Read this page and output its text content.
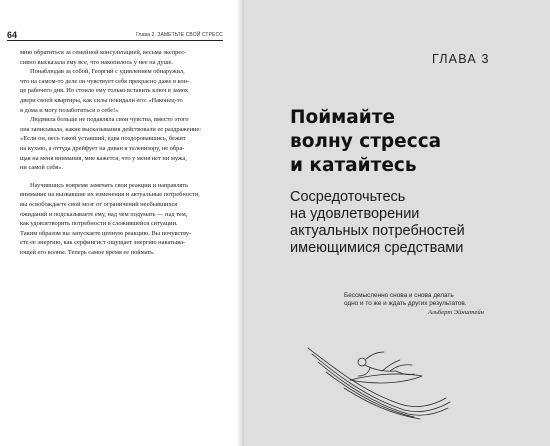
64	Глава 2. ЗАМЕТЬТЕ СВОЙ СТРЕСС

мню обратиться за семейной консультацией, весьма экспрес-

сивно высказала ему все, что накопилось у нее на душе.

Понаблюдав за собой, Георгий с удивлением обнаружил,

что на самом-то деле он чувствует себя прекрасно даже в кон-

це рабочего дня. Но стоило ему только вставить ключ в замок

двери своей квартиры, как силы покидали его: «Наконец-то

я дома и могу позаботиться о себе!»

Людмила больше не подавляла свои чувства, вместо этого

она записывала, какие высказывания действовали ее раздражение:

«Если он, весь такой уставший, едва поздоровавшись, бежит

на кухню, а оттуда дрейфует на диван к телевизору, не обра-

щая на меня внимания, мне кажется, что у меня нет ни мужа,

ни самой себя».

Научившись вовремя замечать свои реакции и направлять

внимание на вызвавшие их изменения и актуальные потребности,

вы освобождаете свой мозг от ограничений несбывшихся

ожиданий и подсказываете ему, над чем подумать — над тем,

как удовлетворить потребности в сложившейся ситуации.

Таким образом вы запускаете цепную реакцию. Вы почувству-

ете ее энергию, как серфингист ощущает энергию накатыва-

ющей его волны. Теперь самое время ее поймать.

ГЛАВА 3
Поймайте
волну стресса
и катайтесь
Сосредоточьтесь
на удовлетворении
актуальных потребностей
имеющимися средствами
Бессмысленно снова и снова делать
одно и то же и ждать других результатов.
Альберт Эйнштейн
